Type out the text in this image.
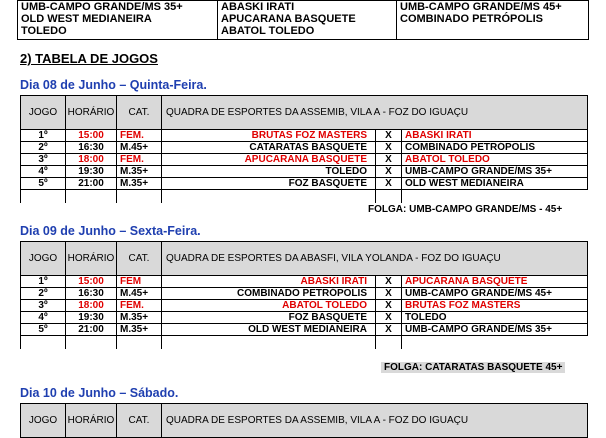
UMB-CAMPO GRANDE/MS 35+
OLD WEST MEDIANEIRA
TOLEDO

ABASKI IRATI
APUCARANA BASQUETE
ABATOL TOLEDO

UMB-CAMPO GRANDE/MS 45+
COMBINADO PETRÓPOLIS
2) TABELA DE JOGOS
Dia 08 de Junho – Quinta-Feira.
JOGO	HORÁRIO	CAT.	QUADRA DE ESPORTES DA ASSEMIB, VILA A - FOZ DO IGUAÇU		
1º	15:00	FEM.	BRUTAS FOZ MASTERS	X	ABASKI IRATI
2º	16:30	M.45+	CATARATAS BASQUETE	X	COMBINADO PETRÓPOLIS
3º	18:00	FEM.	APUCARANA BASQUETE	X	ABATOL TOLEDO
4º	19:30	M.35+	TOLEDO	X	UMB-CAMPO GRANDE/MS 35+
5º	21:00	M.35+	FOZ BASQUETE	X	OLD WEST MEDIANEIRA

FOLGA: UMB-CAMPO GRANDE/MS - 45+
Dia 09 de Junho – Sexta-Feira.
JOGO	HORÁRIO	CAT.	QUADRA DE ESPORTES DA ABASFI, VILA YOLANDA - FOZ DO IGUAÇU		
1º	15:00	FEM	ABASKI IRATI	X	APUCARANA BASQUETE
2º	16:30	M.45+	COMBINADO PETRÓPOLIS	X	UMB-CAMPO GRANDE/MS 45+
3º	18:00	FEM.	ABATOL TOLEDO	X	BRUTAS FOZ MASTERS
4º	19:30	M.35+	FOZ BASQUETE	X	TOLEDO
5º	21:00	M.35+	OLD WEST MEDIANEIRA	X	UMB-CAMPO GRANDE/MS 35+

FOLGA: CATARATAS BASQUETE 45+
Dia 10 de Junho – Sábado.
JOGO	HORÁRIO	CAT.	QUADRA DE ESPORTES DA ASSEMIB, VILA A - FOZ DO IGUAÇU
